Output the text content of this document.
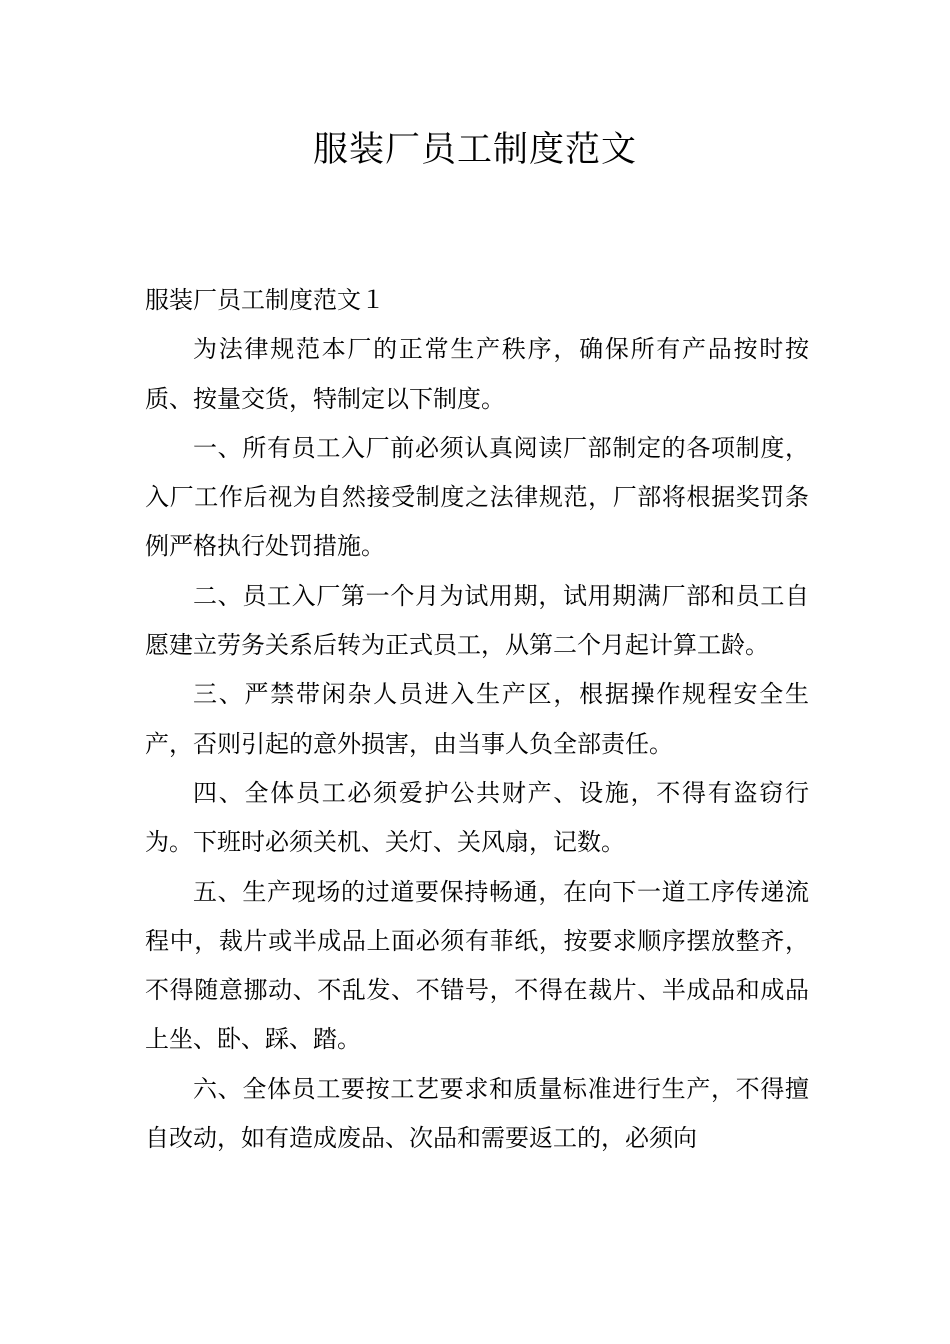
服装厂员工制度范文

服装厂员工制度范文１

为法律规范本厂的正常生产秩序，确保所有产品按时按质、按量交货，特制定以下制度。

一、所有员工入厂前必须认真阅读厂部制定的各项制度，入厂工作后视为自然接受制度之法律规范，厂部将根据奖罚条例严格执行处罚措施。

二、员工入厂第一个月为试用期，试用期满厂部和员工自愿建立劳务关系后转为正式员工，从第二个月起计算工龄。

三、严禁带闲杂人员进入生产区，根据操作规程安全生产，否则引起的意外损害，由当事人负全部责任。

四、全体员工必须爱护公共财产、设施，不得有盗窃行为。下班时必须关机、关灯、关风扇，记数。

五、生产现场的过道要保持畅通，在向下一道工序传递流程中，裁片或半成品上面必须有菲纸，按要求顺序摆放整齐，不得随意挪动、不乱发、不错号，不得在裁片、半成品和成品上坐、卧、踩、踏。

六、全体员工要按工艺要求和质量标准进行生产，不得擅自改动，如有造成废品、次品和需要返工的，必须向
